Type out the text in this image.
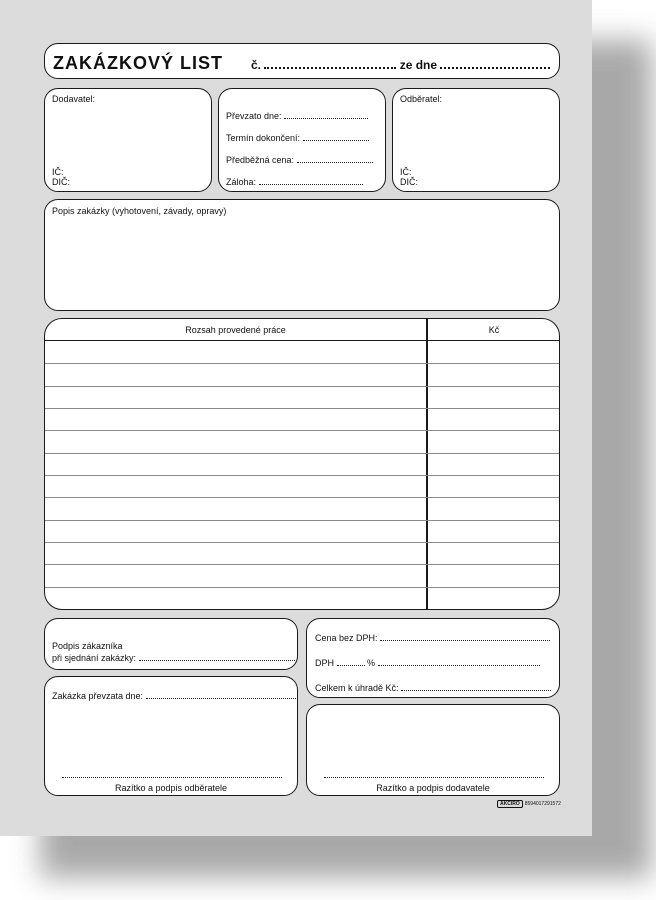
ZAKÁZKOVÝ LIST č.	ze dne
Dodavatel:
IČ:
DIČ:
Převzato dne:
Termín dokončení:
Předběžná cena:
Záloha:
Odběratel:
IČ:
DIČ:
Popis zakázky (vyhotovení, závady, opravy)
Rozsah provedené práce	Kč
Podpis zákazníka
při sjednání zakázky:
Cena bez DPH:
DPH	%
Celkem k úhradě Kč:
Zakázka převzata dne:
Razítko a podpis odběratele	Razítko a podpis dodavatele
AKCIRO 8594017291572
